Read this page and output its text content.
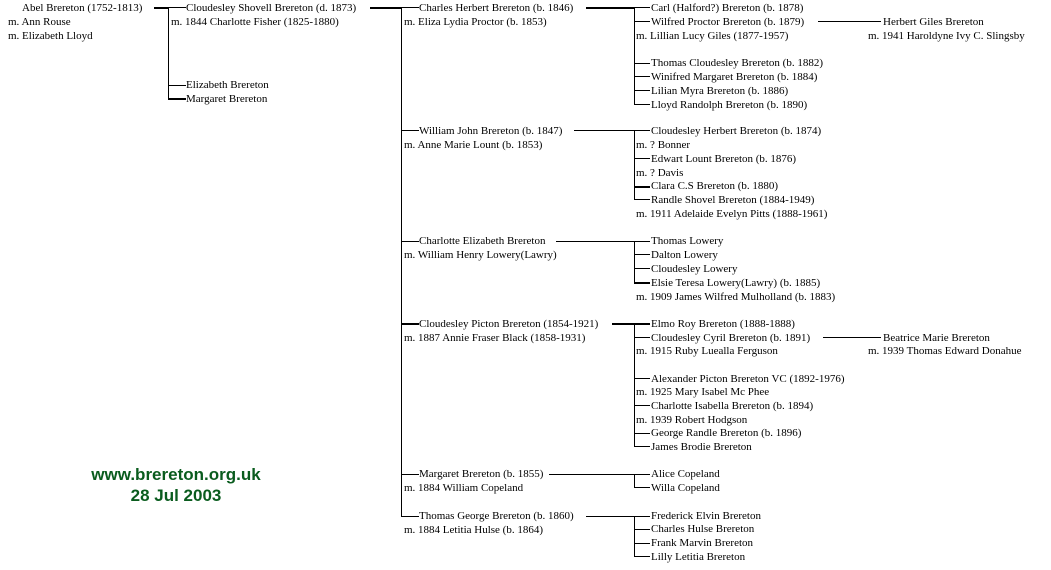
Abel Brereton (1752-1813)
m. Ann Rouse
m. Elizabeth Lloyd
Cloudesley Shovell Brereton (d. 1873)
m. 1844 Charlotte Fisher (1825-1880)
Elizabeth Brereton
Margaret Brereton
Charles Herbert Brereton (b. 1846)
m. Eliza Lydia Proctor (b. 1853)
William John Brereton (b. 1847)
m. Anne Marie Lount (b. 1853)
Charlotte Elizabeth Brereton
m. William Henry Lowery(Lawry)
Cloudesley Picton Brereton (1854-1921)
m. 1887 Annie Fraser Black (1858-1931)
Margaret Brereton (b. 1855)
m. 1884 William Copeland
Thomas George Brereton (b. 1860)
m. 1884 Letitia Hulse (b. 1864)
Carl (Halford?) Brereton (b. 1878)
Wilfred Proctor Brereton (b. 1879)
m. Lillian Lucy Giles (1877-1957)
Thomas Cloudesley Brereton (b. 1882)
Winifred Margaret Brereton (b. 1884)
Lilian Myra Brereton (b. 1886)
Lloyd Randolph Brereton (b. 1890)
Cloudesley Herbert Brereton (b. 1874)
m. ? Bonner
Edwart Lount Brereton (b. 1876)
m. ? Davis
Clara C.S Brereton (b. 1880)
Randle Shovel Brereton (1884-1949)
m. 1911 Adelaide Evelyn Pitts (1888-1961)
Thomas Lowery
Dalton Lowery
Cloudesley Lowery
Elsie Teresa Lowery(Lawry) (b. 1885)
m. 1909 James Wilfred Mulholland (b. 1883)
Elmo Roy Brereton (1888-1888)
Cloudesley Cyril Brereton (b. 1891)
m. 1915 Ruby Luealla Ferguson
Alexander Picton Brereton VC (1892-1976)
m. 1925 Mary Isabel Mc Phee
Charlotte Isabella Brereton (b. 1894)
m. 1939 Robert Hodgson
George Randle Brereton (b. 1896)
James Brodie Brereton
Alice Copeland
Willa Copeland
Frederick Elvin Brereton
Charles Hulse Brereton
Frank Marvin Brereton
Lilly Letitia Brereton
Herbert Giles Brereton
m. 1941 Haroldyne Ivy C. Slingsby
Beatrice Marie Brereton
m. 1939 Thomas Edward Donahue
www.brereton.org.uk
28 Jul 2003
